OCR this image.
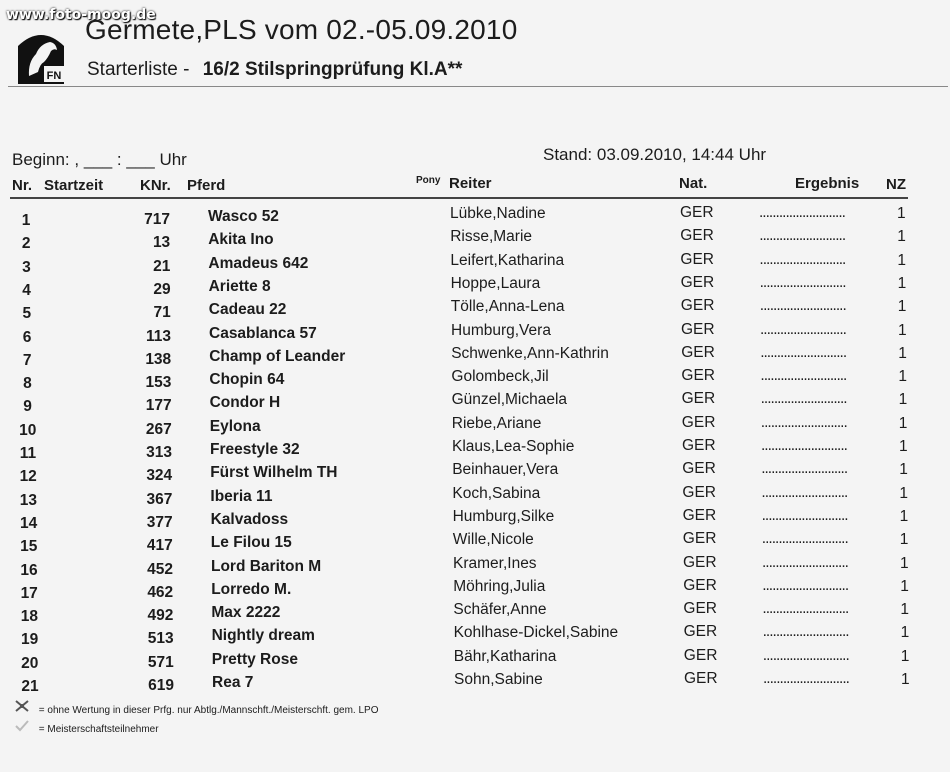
www.foto-moog.de
FN
Germete,PLS vom 02.-05.09.2010
Starterliste - 16/2 Stilspringprüfung Kl.A**
Beginn: , ___ : ___ Uhr	Stand: 03.09.2010, 14:44 Uhr
Nr. Startzeit KNr. Pferd	Pony Reiter	Nat.	Ergebnis NZ
1	717 Wasco 52	Lübke,Nadine	GER	..........................	1
2	13 Akita Ino	Risse,Marie	GER	..........................	1
3	21 Amadeus 642	Leifert,Katharina	GER	..........................	1
4	29 Ariette 8	Hoppe,Laura	GER	..........................	1
5	71 Cadeau 22	Tölle,Anna-Lena	GER	..........................	1
6	113 Casablanca 57	Humburg,Vera	GER	..........................	1
7	138 Champ of Leander	Schwenke,Ann-Kathrin	GER	..........................	1
8	153 Chopin 64	Golombeck,Jil	GER	..........................	1
9	177 Condor H	Günzel,Michaela	GER	..........................	1
10	267 Eylona	Riebe,Ariane	GER	..........................	1
11	313 Freestyle 32	Klaus,Lea-Sophie	GER	..........................	1
12	324 Fürst Wilhelm TH	Beinhauer,Vera	GER	..........................	1
13	367 Iberia 11	Koch,Sabina	GER	..........................	1
14	377 Kalvadoss	Humburg,Silke	GER	..........................	1
15	417 Le Filou 15	Wille,Nicole	GER	..........................	1
16	452 Lord Bariton M	Kramer,Ines	GER	..........................	1
17	462 Lorredo M.	Möhring,Julia	GER	..........................	1
18	492 Max 2222	Schäfer,Anne	GER	..........................	1
19	513 Nightly dream	Kohlhase-Dickel,Sabine	GER	..........................	1
20	571 Pretty Rose	Bähr,Katharina	GER	..........................	1
21	619 Rea 7	Sohn,Sabine	GER	..........................	1
= ohne Wertung in dieser Prfg. nur Abtlg./Mannschft./Meisterschft. gem. LPO
= Meisterschaftsteilnehmer
